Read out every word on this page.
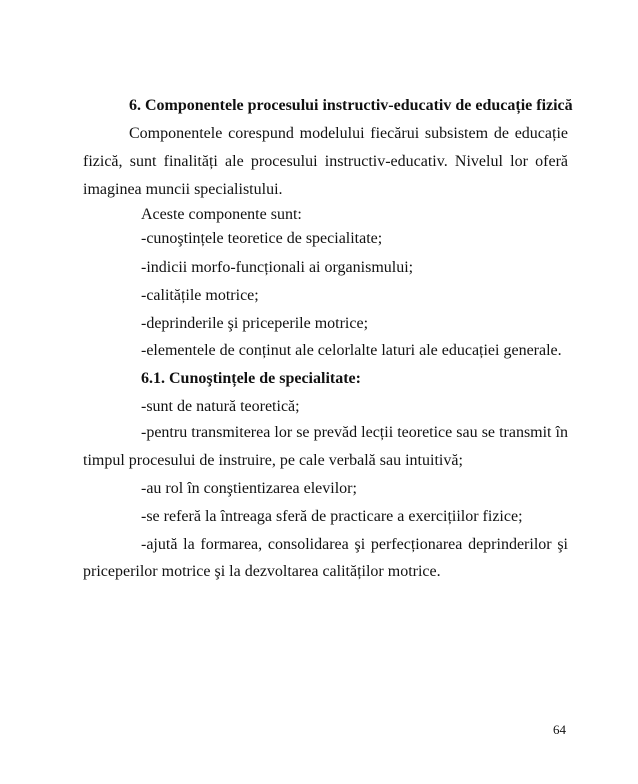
6. Componentele procesului instructiv-educativ de educație fizică
Componentele corespund modelului fiecărui subsistem de educație
fizică, sunt finalități ale procesului instructiv-educativ. Nivelul lor oferă
imaginea muncii specialistului.
Aceste componente sunt:
-cunoştințele teoretice de specialitate;
-indicii morfo-funcționali ai organismului;
-calitățile motrice;
-deprinderile şi priceperile motrice;
-elementele de conținut ale celorlalte laturi ale educației generale.
6.1. Cunoştințele de specialitate:
-sunt de natură teoretică;
-pentru transmiterea lor se prevăd lecții teoretice sau se transmit în
timpul procesului de instruire, pe cale verbală sau intuitivă;
-au rol în conştientizarea elevilor;
-se referă la întreaga sferă de practicare a exercițiilor fizice;
-ajută la formarea, consolidarea şi perfecționarea deprinderilor şi
priceperilor motrice şi la dezvoltarea calităților motrice.
64
